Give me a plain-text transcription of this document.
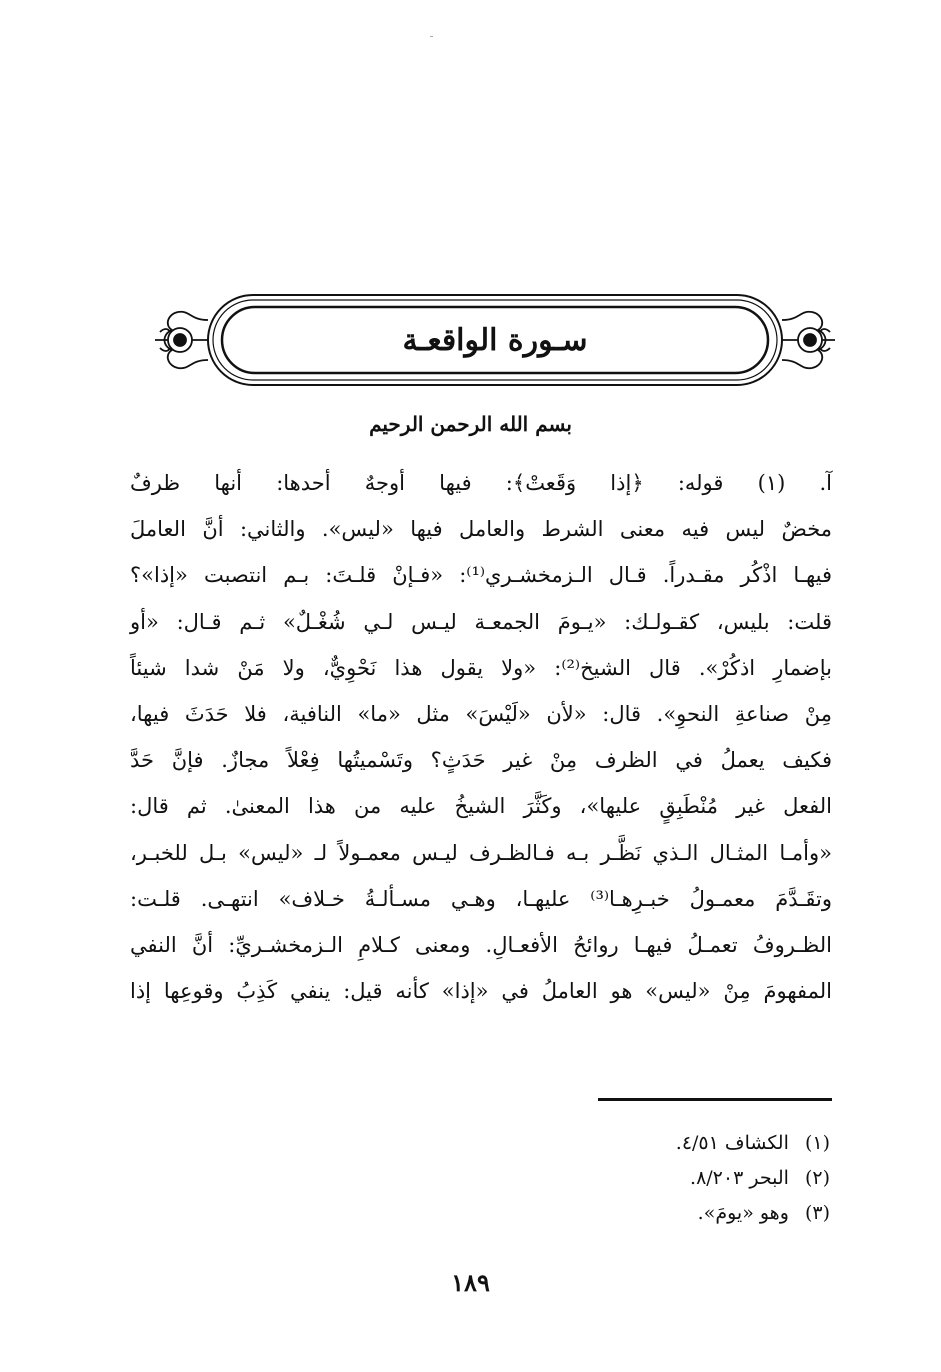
سـورة الواقعـة
بسم الله الرحمن الرحيم
آ. (١) قوله: ﴿إذا وَقَعتْ﴾: فيها أوجهٌ أحدها: أنها ظرفٌ
مخضٌ ليس فيه معنى الشرط والعامل فيها «ليس». والثاني: أنَّ العاملَ
فيهـا اذْكُر مقـدراً. قـال الـزمخشـري⁽¹⁾: «فـإنْ قلـتَ: بـم انتصبت «إذا»؟
قلت: بليس، كقـولـك: «يـومَ الجمعـة ليـس لـي شُغْـلٌ» ثـم قـال: «أو
بإضمارِ اذكُرْ». قال الشيخ⁽²⁾: «ولا يقول هذا نَحْوِيٌّ، ولا مَنْ شدا شيئاً
مِنْ صناعةِ النحوِ». قال: «لأن «لَيْسَ» مثل «ما» النافية، فلا حَدَثَ فيها،
فكيف يعملُ في الظرف مِنْ غير حَدَثٍ؟ وتَسْميتُها فِعْلاً مجازٌ. فإنَّ حَدَّ
الفعل غير مُنْطَبِقٍ عليها»، وكَثَّرَ الشيخُ عليه من هذا المعنىٰ. ثم قال:
«وأمـا المثـال الـذي نَظَّـر بـه فـالظـرف ليـس معمـولاً لـ «ليس» بـل للخبـر،
وتقَـدَّمَ معمـولُ خبـرِهـا⁽³⁾ عليهـا، وهـي مسـألـةُ خـلاف» انتهـى. قلـت:
الظـروفُ تعمـلُ فيهـا روائحُ الأفعـالِ. ومعنى كـلامِ الـزمخشـريِّ: أنَّ النفي
المفهومَ مِنْ «ليس» هو العاملُ في «إذا» كأنه قيل: ينفي كَذِبُ وقوعِها إذا
(١) الكشاف ٤/٥١.
(٢) البحر ٨/٢٠٣.
(٣) وهو «يومَ».
١٨٩
